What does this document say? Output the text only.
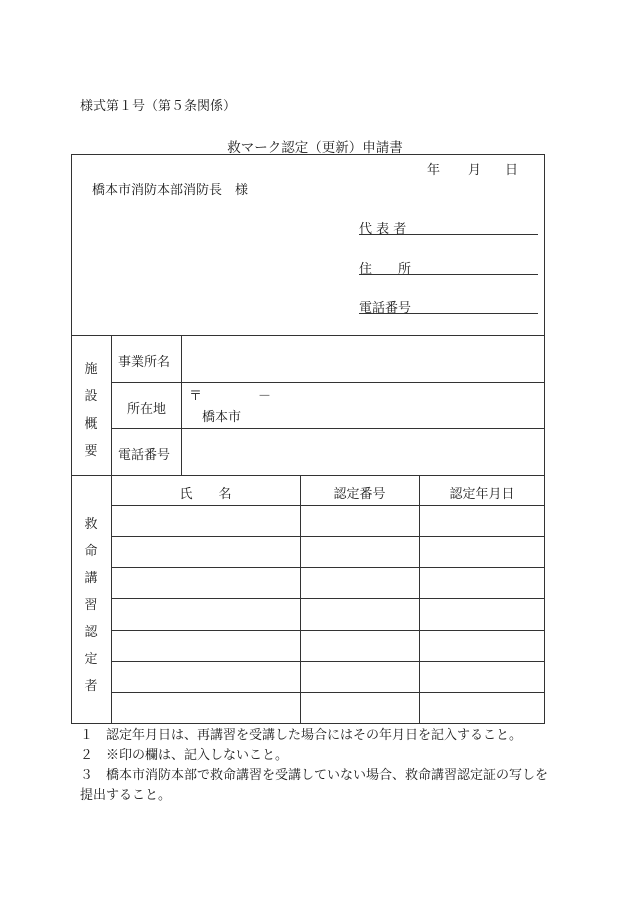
様式第１号（第５条関係）
救マーク認定（更新）申請書
年 月 日
橋本市消防本部消防長　様
代 表 者
住　　所
電話番号
施
設
概
要
事業所名
所在地
〒	－
橋本市
電話番号
氏　　名	認定番号	認定年月日
救
命
講
習
認
定
者

１　認定年月日は、再講習を受講した場合にはその年月日を記入すること。

２　※印の欄は、記入しないこと。

３　橋本市消防本部で救命講習を受講していない場合、救命講習認定証の写しを提出すること。
